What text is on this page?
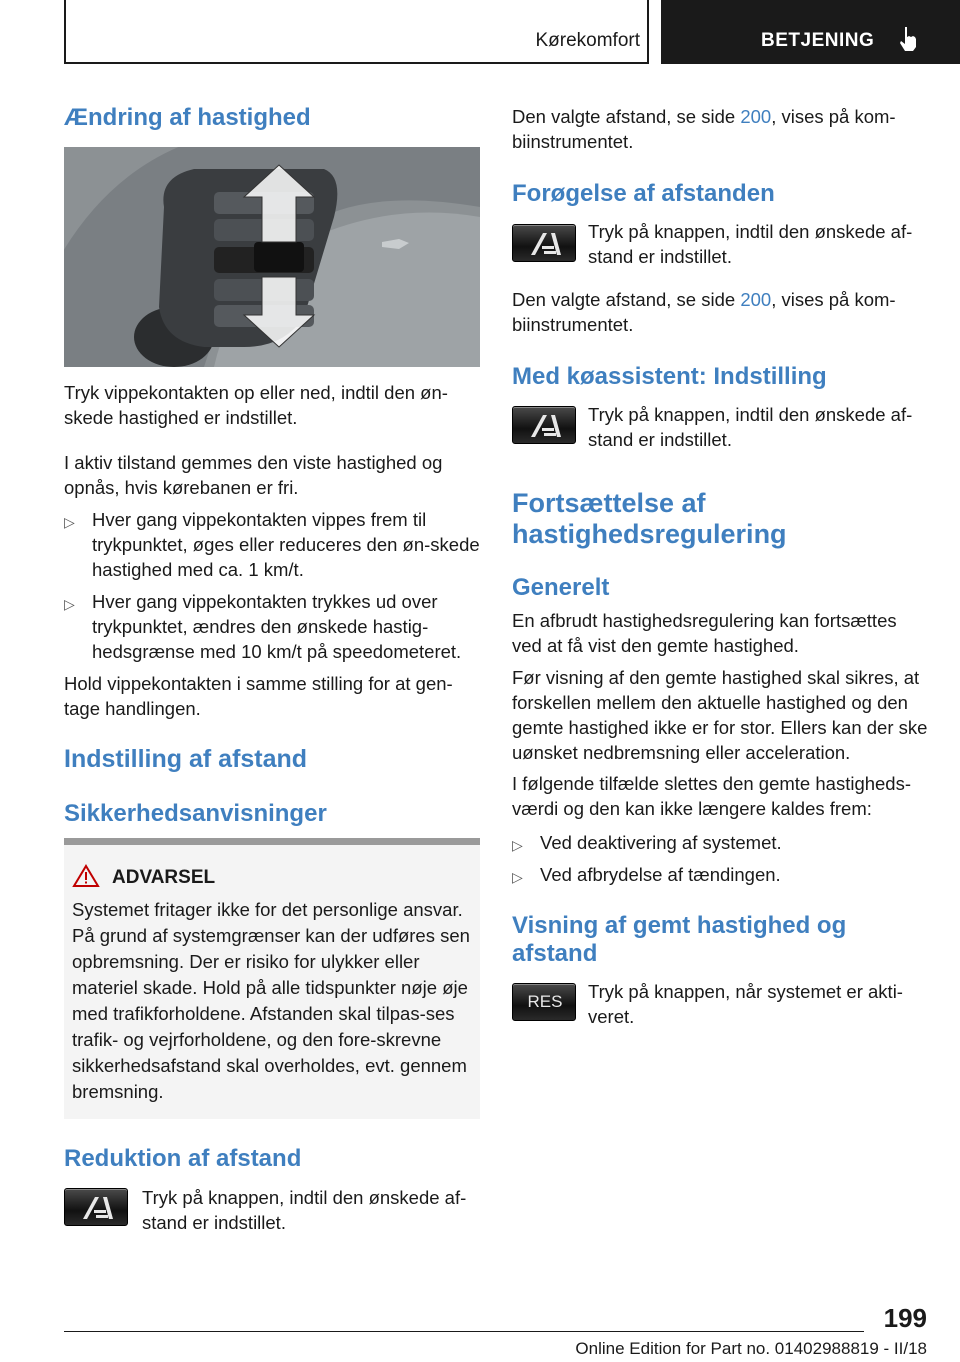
Kørekomfort	BETJENING
Ændring af hastighed
Tryk vippekontakten op eller ned, indtil den øn-skede hastighed er indstillet.
I aktiv tilstand gemmes den viste hastighed og opnås, hvis kørebanen er fri.
▷ Hver gang vippekontakten vippes frem til trykpunktet, øges eller reduceres den øn-skede hastighed med ca. 1 km/t.
▷ Hver gang vippekontakten trykkes ud over trykpunktet, ændres den ønskede hastig-hedsgrænse med 10 km/t på speedometeret.
Hold vippekontakten i samme stilling for at gen-tage handlingen.
Indstilling af afstand
Sikkerhedsanvisninger
ADVARSEL
Systemet fritager ikke for det personlige ansvar. På grund af systemgrænser kan der udføres sen opbremsning. Der er risiko for ulykker eller materiel skade. Hold på alle tidspunkter nøje øje med trafikforholdene. Afstanden skal tilpas-ses trafik- og vejrforholdene, og den fore-skrevne sikkerhedsafstand skal overholdes, evt. gennem bremsning.
Reduktion af afstand
Tryk på knappen, indtil den ønskede af-stand er indstillet.
Den valgte afstand, se side 200, vises på kom-biinstrumentet.
Forøgelse af afstanden
Tryk på knappen, indtil den ønskede af-stand er indstillet.
Den valgte afstand, se side 200, vises på kom-biinstrumentet.
Med køassistent: Indstilling
Tryk på knappen, indtil den ønskede af-stand er indstillet.
Fortsættelse af hastighedsregulering
Generelt
En afbrudt hastighedsregulering kan fortsættes ved at få vist den gemte hastighed.
Før visning af den gemte hastighed skal sikres, at forskellen mellem den aktuelle hastighed og den gemte hastighed ikke er for stor. Ellers kan der ske uønsket nedbremsning eller acceleration.
I følgende tilfælde slettes den gemte hastigheds-værdi og den kan ikke længere kaldes frem:
▷ Ved deaktivering af systemet.
▷ Ved afbrydelse af tændingen.
Visning af gemt hastighed og afstand
RES	Tryk på knappen, når systemet er akti-veret.
199
Online Edition for Part no. 01402988819 - II/18
